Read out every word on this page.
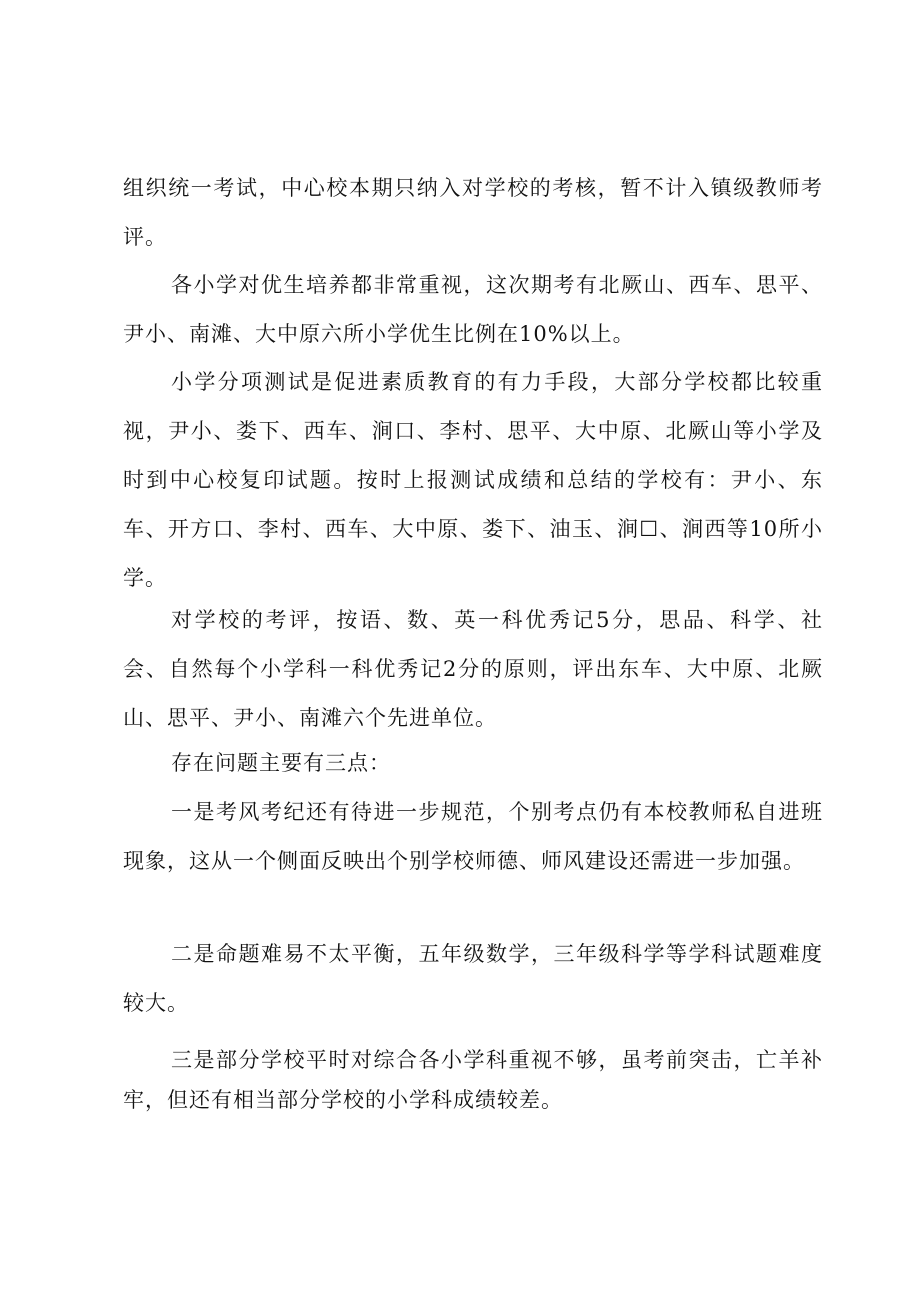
组织统一考试，中心校本期只纳入对学校的考核，暂不计入镇级教师考评。

各小学对优生培养都非常重视，这次期考有北厥山、西车、思平、尹小、南滩、大中原六所小学优生比例在10%以上。

小学分项测试是促进素质教育的有力手段，大部分学校都比较重视，尹小、娄下、西车、涧口、李村、思平、大中原、北厥山等小学及时到中心校复印试题。按时上报测试成绩和总结的学校有：尹小、东车、开方口、李村、西车、大中原、娄下、油玉、涧☐、涧西等10所小学。

对学校的考评，按语、数、英一科优秀记5分，思品、科学、社会、自然每个小学科一科优秀记2分的原则，评出东车、大中原、北厥山、思平、尹小、南滩六个先进单位。

存在问题主要有三点：

一是考风考纪还有待进一步规范，个别考点仍有本校教师私自进班现象，这从一个侧面反映出个别学校师德、师风建设还需进一步加强。

二是命题难易不太平衡，五年级数学，三年级科学等学科试题难度较大。

三是部分学校平时对综合各小学科重视不够，虽考前突击，亡羊补牢，但还有相当部分学校的小学科成绩较差。
